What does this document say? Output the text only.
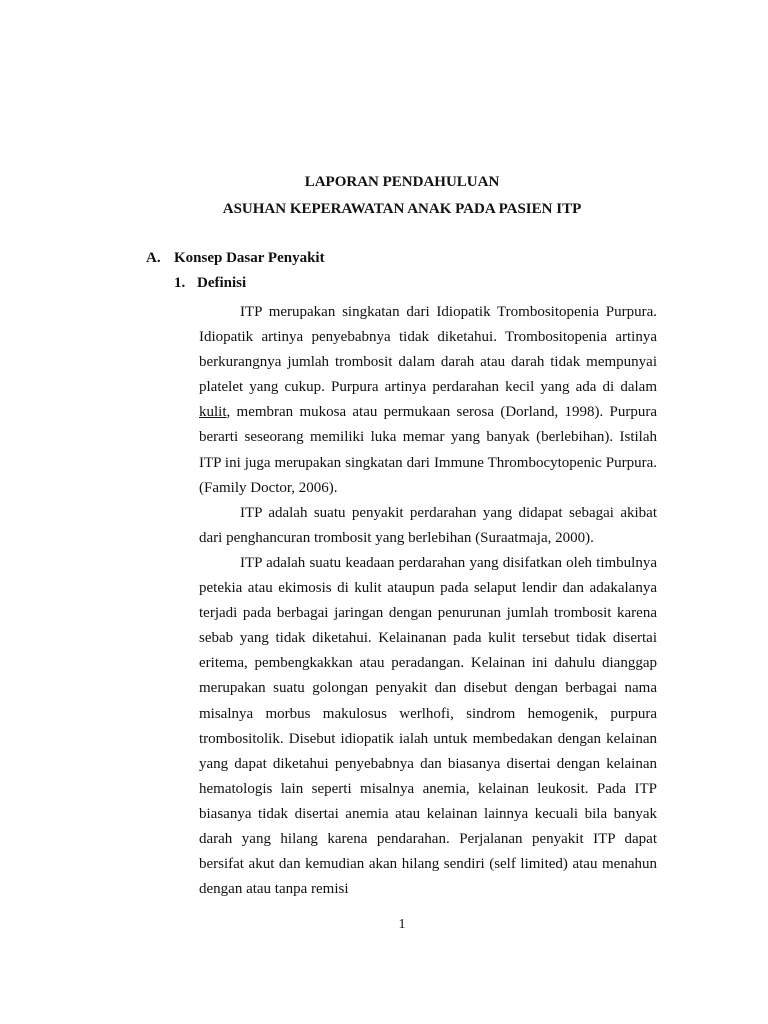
LAPORAN PENDAHULUAN
ASUHAN KEPERAWATAN ANAK PADA PASIEN ITP
A. Konsep Dasar Penyakit
1. Definisi

ITP merupakan singkatan dari Idiopatik Trombositopenia Purpura. Idiopatik artinya penyebabnya tidak diketahui. Trombositopenia artinya berkurangnya jumlah trombosit dalam darah atau darah tidak mempunyai platelet yang cukup. Purpura artinya perdarahan kecil yang ada di dalam kulit, membran mukosa atau permukaan serosa (Dorland, 1998). Purpura berarti seseorang memiliki luka memar yang banyak (berlebihan). Istilah ITP ini juga merupakan singkatan dari Immune Thrombocytopenic Purpura. (Family Doctor, 2006).

ITP adalah suatu penyakit perdarahan yang didapat sebagai akibat dari penghancuran trombosit yang berlebihan (Suraatmaja, 2000).

ITP adalah suatu keadaan perdarahan yang disifatkan oleh timbulnya petekia atau ekimosis di kulit ataupun pada selaput lendir dan adakalanya terjadi pada berbagai jaringan dengan penurunan jumlah trombosit karena sebab yang tidak diketahui. Kelainanan pada kulit tersebut tidak disertai eritema, pembengkakkan atau peradangan. Kelainan ini dahulu dianggap merupakan suatu golongan penyakit dan disebut dengan berbagai nama misalnya morbus makulosus werlhofi, sindrom hemogenik, purpura trombositolik. Disebut idiopatik ialah untuk membedakan dengan kelainan yang dapat diketahui penyebabnya dan biasanya disertai dengan kelainan hematologis lain seperti misalnya anemia, kelainan leukosit. Pada ITP biasanya tidak disertai anemia atau kelainan lainnya kecuali bila banyak darah yang hilang karena pendarahan. Perjalanan penyakit ITP dapat bersifat akut dan kemudian akan hilang sendiri (self limited) atau menahun dengan atau tanpa remisi

1
